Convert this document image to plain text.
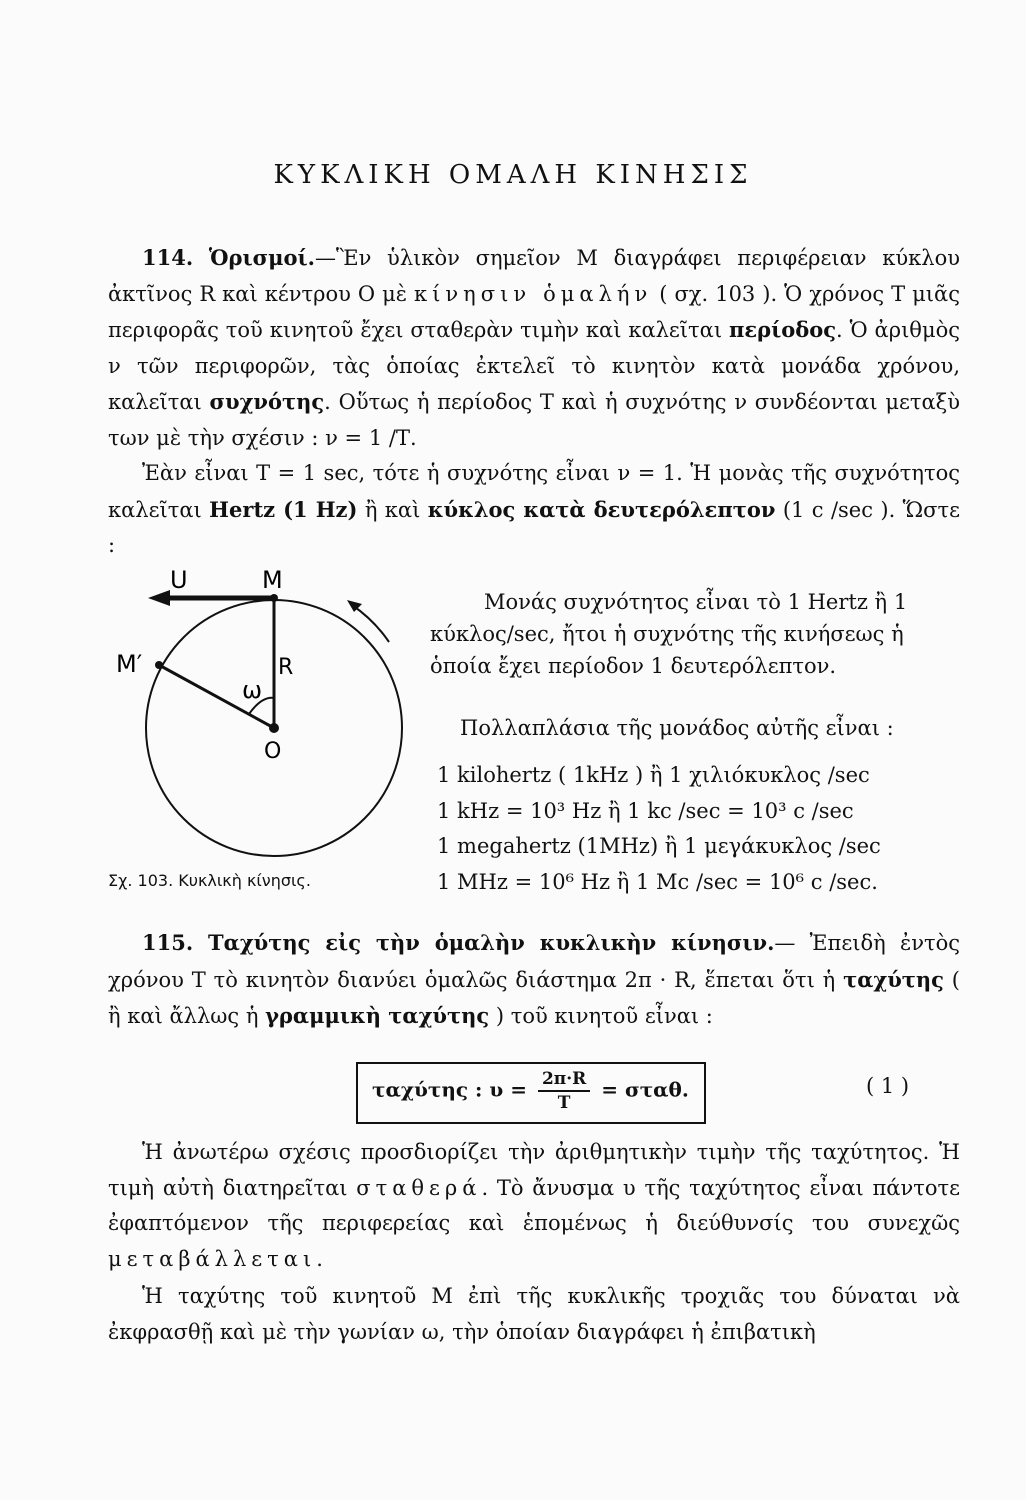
ΚΥΚΛΙΚΗ ΟΜΑΛΗ ΚΙΝΗΣΙΣ

114. Ὁρισμοί.—Ἓν ὑλικὸν σημεῖον Μ διαγράφει περιφέρειαν κύκλου ἀκτῖνος R καὶ κέντρου Ο μὲ κίνησιν ὁμαλήν ( σχ. 103 ). Ὁ χρόνος Τ μιᾶς περιφορᾶς τοῦ κινητοῦ ἔχει σταθερὰν τιμὴν καὶ καλεῖται περίοδος. Ὁ ἀριθμὸς ν τῶν περιφορῶν, τὰς ὁποίας ἐκτελεῖ τὸ κινητὸν κατὰ μονάδα χρόνου, καλεῖται συχνότης. Οὕτως ἡ περίοδος Τ καὶ ἡ συχνότης ν συνδέονται μεταξὺ των μὲ τὴν σχέσιν : ν = 1 /Τ.
Ἐὰν εἶναι Τ = 1 sec, τότε ἡ συχνότης εἶναι ν = 1. Ἡ μονὰς τῆς συχνότητος καλεῖται Hertz (1 Hz) ἢ καὶ κύκλος κατὰ δευτερόλεπτον (1 c /sec ). Ὥστε :

U	M
M′	R
ω
O
Σχ. 103. Κυκλικὴ κίνησις.

Μονάς συχνότητος εἶναι τὸ 1 Hertz ἢ 1 κύκλος/sec, ἤτοι ἡ συχνότης τῆς κινήσεως ἡ ὁποία ἔχει περίοδον 1 δευτερόλεπτον.

Πολλαπλάσια τῆς μονάδος αὐτῆς εἶναι :

1 kilohertz ( 1kHz ) ἢ 1 χιλιόκυκλος /sec
1 kHz = 10³ Hz ἢ 1 kc /sec = 10³ c /sec
1 megahertz (1MHz) ἢ 1 μεγάκυκλος /sec
1 MHz = 10⁶ Hz ἢ 1 Mc /sec = 10⁶ c /sec.

115. Ταχύτης εἰς τὴν ὁμαλὴν κυκλικὴν κίνησιν.— Ἐπειδὴ ἐντὸς χρόνου Τ τὸ κινητὸν διανύει ὁμαλῶς διάστημα 2π · R, ἕπεται ὅτι ἡ ταχύτης ( ἢ καὶ ἄλλως ἡ γραμμικὴ ταχύτης ) τοῦ κινητοῦ εἶναι :

ταχύτης : $\upsilon = \frac{2\pi\cdot R}{T} = \sigma\tau\alpha\theta$.	( 1 )

Ἡ ἀνωτέρω σχέσις προσδιορίζει τὴν ἀριθμητικὴν τιμὴν τῆς ταχύτητος. Ἡ τιμὴ αὐτὴ διατηρεῖται σταθερά. Τὸ ἄνυσμα υ τῆς ταχύτητος εἶναι πάντοτε ἐφαπτόμενον τῆς περιφερείας καὶ ἑπομένως ἡ διεύθυνσίς του συνεχῶς μεταβάλλεται.

Ἡ ταχύτης τοῦ κινητοῦ Μ ἐπὶ τῆς κυκλικῆς τροχιᾶς του δύναται νὰ ἐκφρασθῇ καὶ μὲ τὴν γωνίαν ω, τὴν ὁποίαν διαγράφει ἡ ἐπιβατικὴ
